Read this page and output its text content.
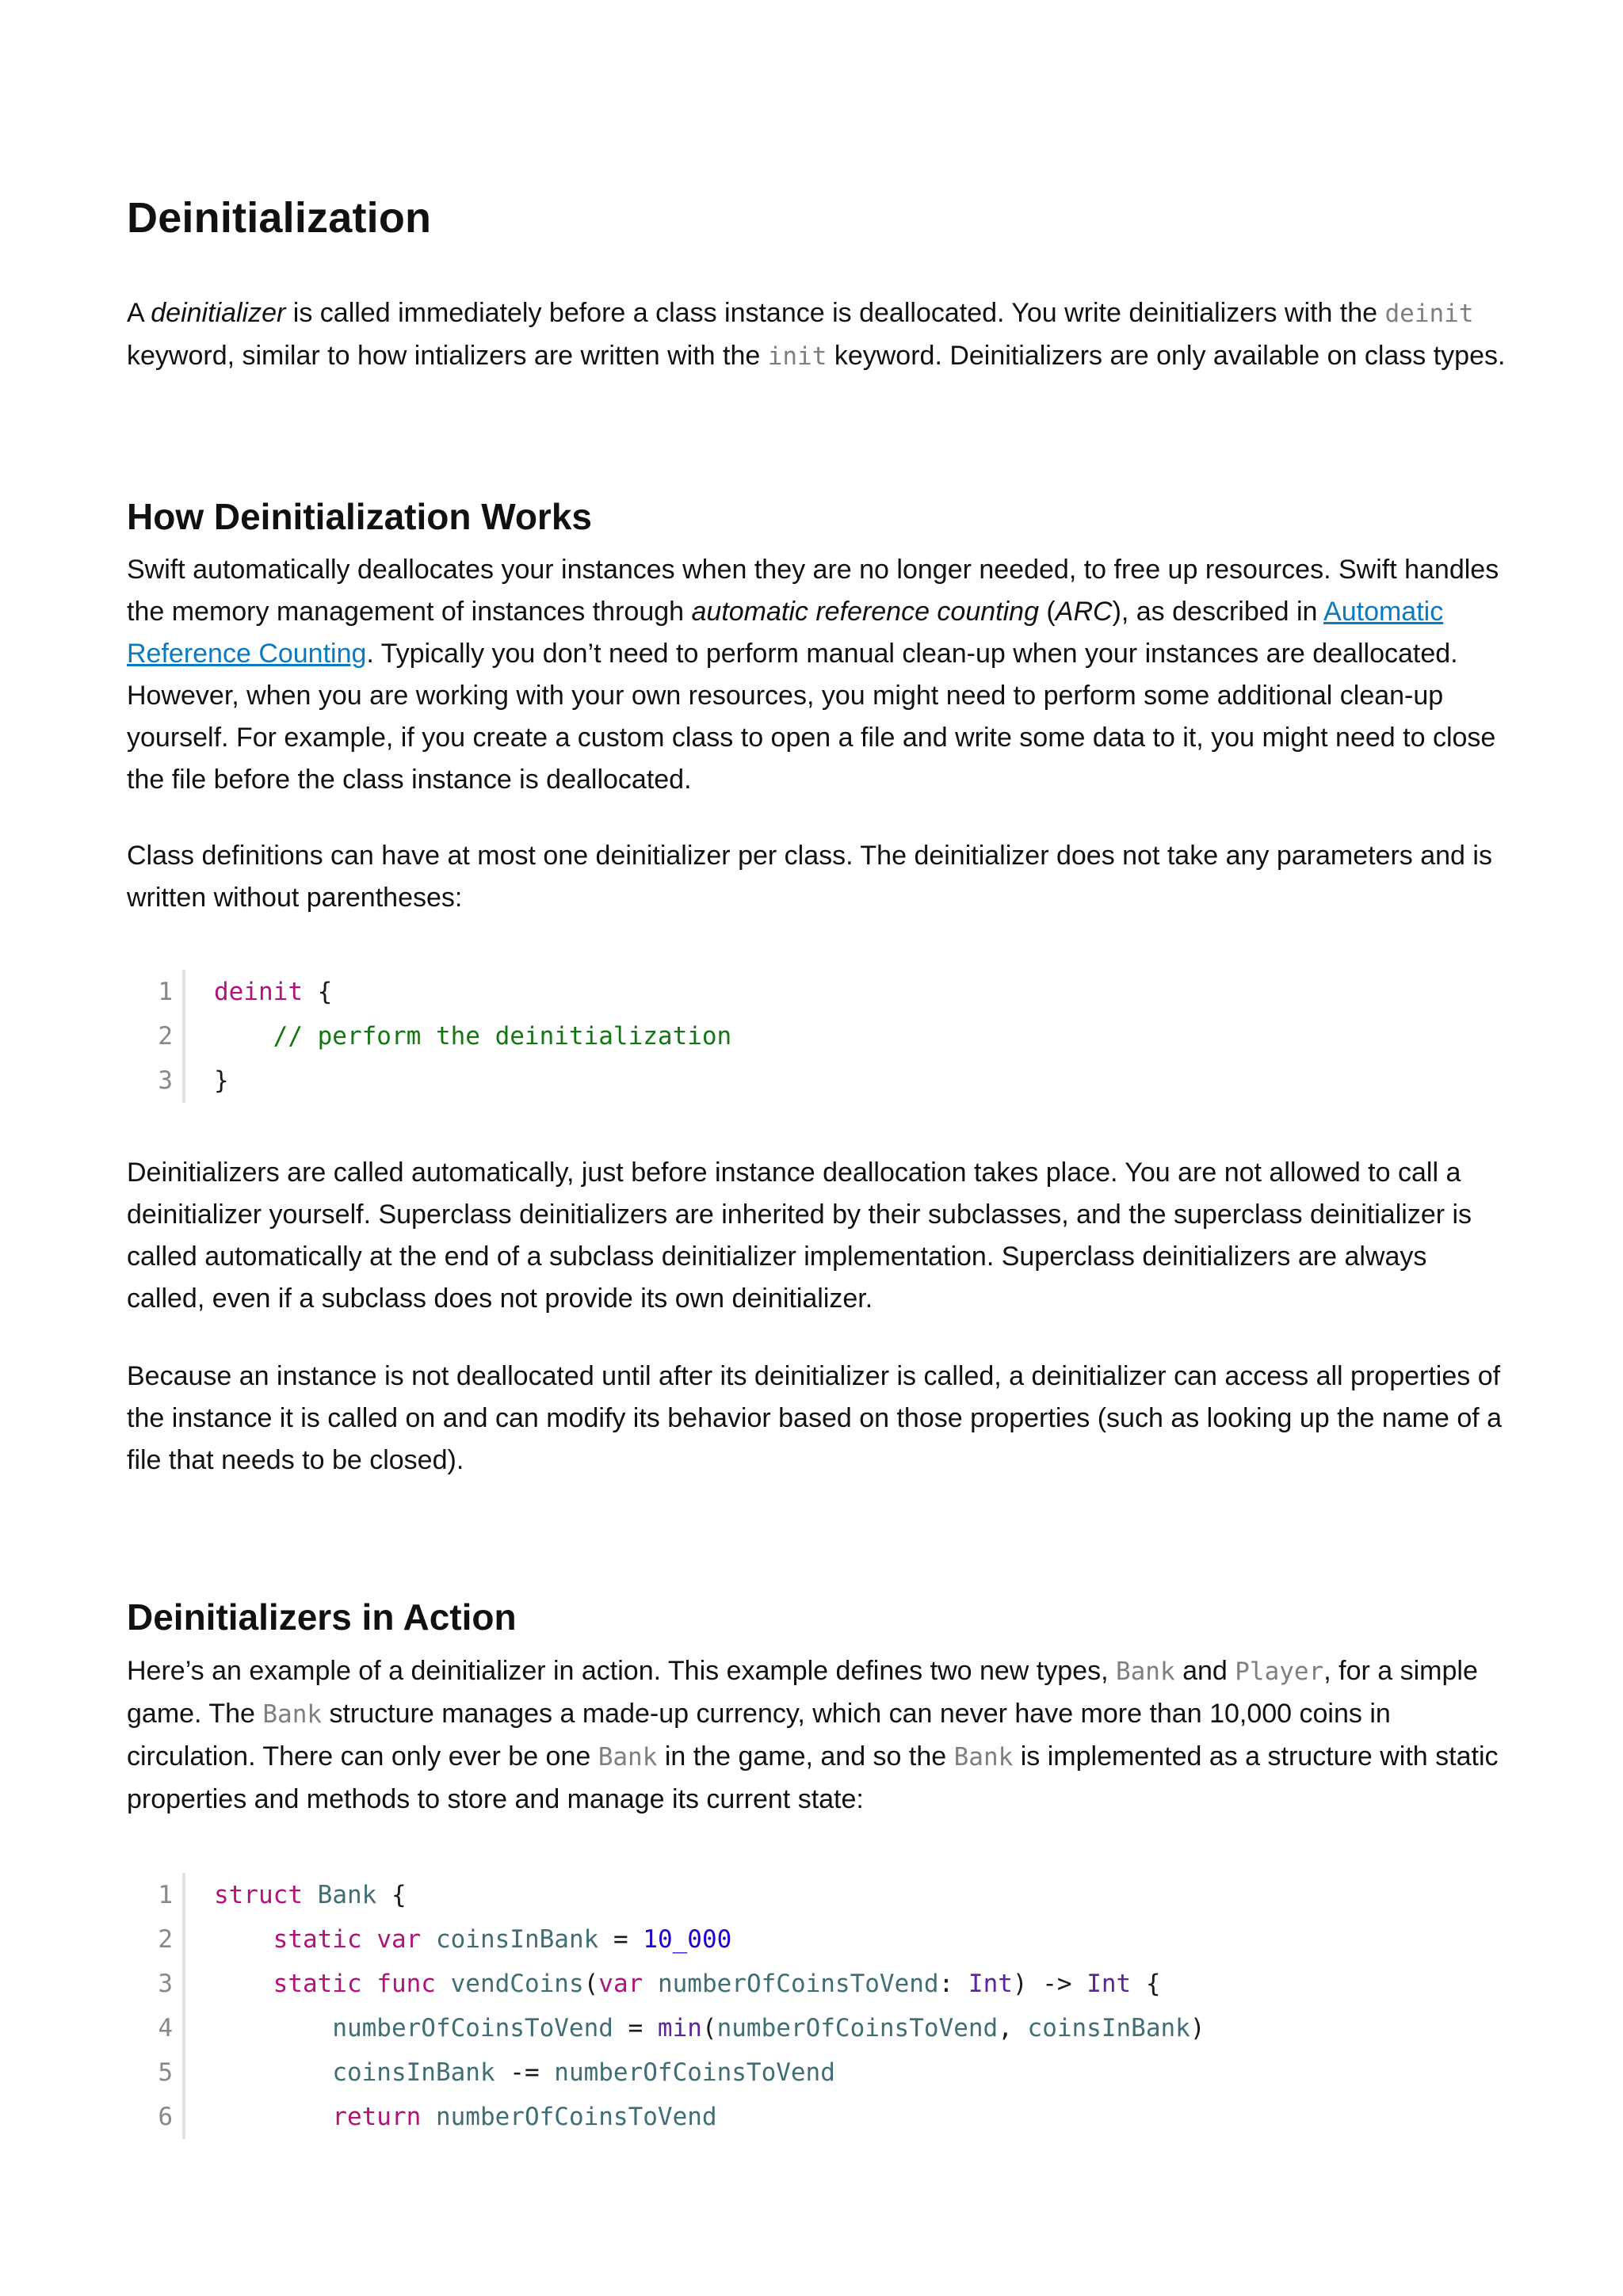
Deinitialization

A deinitializer is called immediately before a class instance is deallocated. You write deinitializers with the deinit keyword, similar to how intializers are written with the init keyword. Deinitializers are only available on class types.

How Deinitialization Works

Swift automatically deallocates your instances when they are no longer needed, to free up resources. Swift handles the memory management of instances through automatic reference counting (ARC), as described in Automatic Reference Counting. Typically you don’t need to perform manual clean-up when your instances are deallocated. However, when you are working with your own resources, you might need to perform some additional clean-up yourself. For example, if you create a custom class to open a file and write some data to it, you might need to close the file before the class instance is deallocated.

Class definitions can have at most one deinitializer per class. The deinitializer does not take any parameters and is written without parentheses:

1
2
3
deinit {
// perform the deinitialization
}

Deinitializers are called automatically, just before instance deallocation takes place. You are not allowed to call a deinitializer yourself. Superclass deinitializers are inherited by their subclasses, and the superclass deinitializer is called automatically at the end of a subclass deinitializer implementation. Superclass deinitializers are always called, even if a subclass does not provide its own deinitializer.

Because an instance is not deallocated until after its deinitializer is called, a deinitializer can access all properties of the instance it is called on and can modify its behavior based on those properties (such as looking up the name of a file that needs to be closed).

Deinitializers in Action

Here’s an example of a deinitializer in action. This example defines two new types, Bank and Player, for a simple game. The Bank structure manages a made-up currency, which can never have more than 10,000 coins in circulation. There can only ever be one Bank in the game, and so the Bank is implemented as a structure with static properties and methods to store and manage its current state:

1
2
3
4
5
6
struct Bank {
static var coinsInBank = 10_000
static func vendCoins(var numberOfCoinsToVend: Int) -> Int {
numberOfCoinsToVend = min(numberOfCoinsToVend, coinsInBank)
coinsInBank -= numberOfCoinsToVend
return numberOfCoinsToVend
